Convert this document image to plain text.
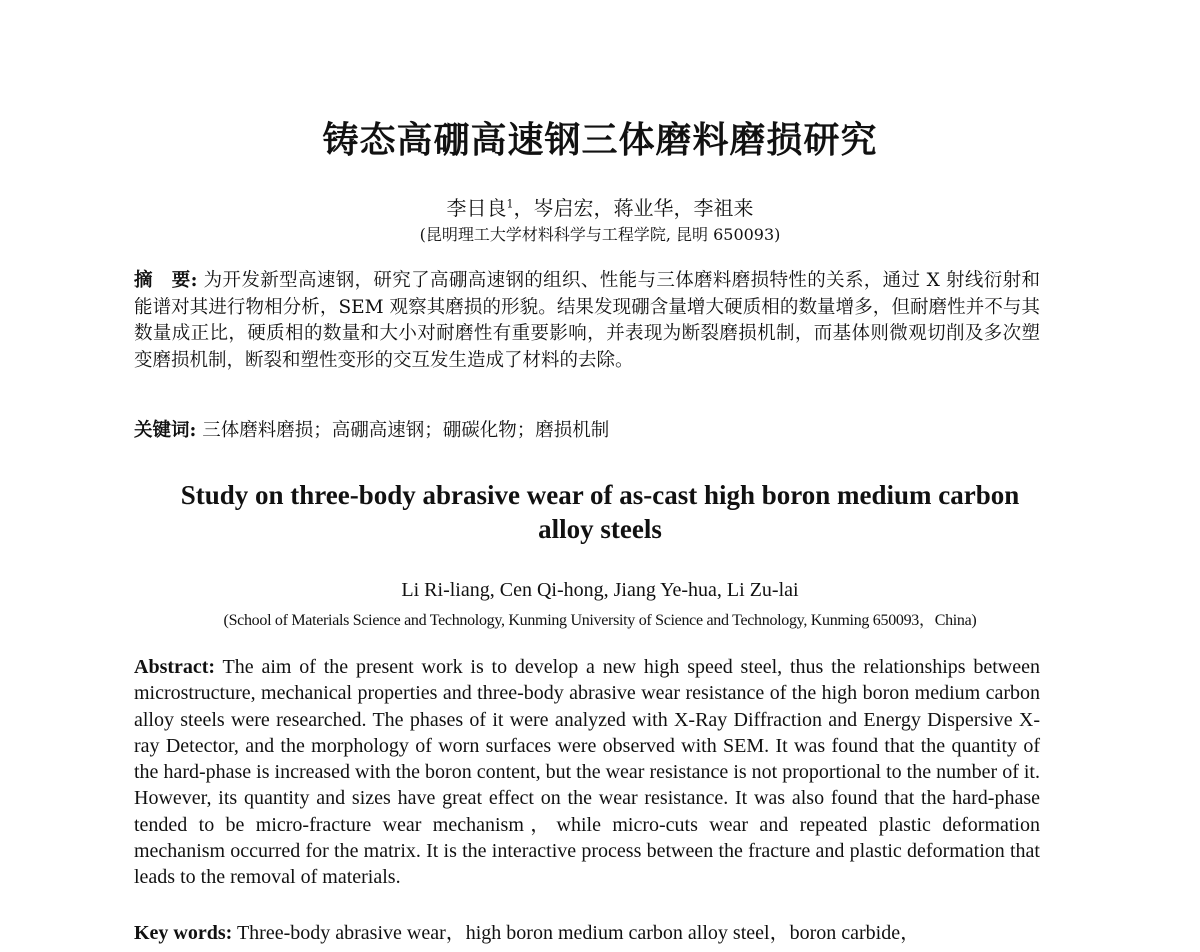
铸态高硼高速钢三体磨料磨损研究
李日良$^1$，岑启宏，蒋业华，李祖来
(昆明理工大学材料科学与工程学院, 昆明 650093)
摘　要: 为开发新型高速钢，研究了高硼高速钢的组织、性能与三体磨料磨损特性的关系，通过 X 射线衍射和能谱对其进行物相分析，SEM 观察其磨损的形貌。结果发现硼含量增大硬质相的数量增多，但耐磨性并不与其数量成正比，硬质相的数量和大小对耐磨性有重要影响，并表现为断裂磨损机制，而基体则微观切削及多次塑变磨损机制，断裂和塑性变形的交互发生造成了材料的去除。
关键词: 三体磨料磨损；高硼高速钢；硼碳化物；磨损机制
Study on three-body abrasive wear of as-cast high boron medium carbon alloy steels
Li Ri-liang, Cen Qi-hong, Jiang Ye-hua, Li Zu-lai
(School of Materials Science and Technology, Kunming University of Science and Technology, Kunming 650093，China)
Abstract: The aim of the present work is to develop a new high speed steel, thus the relationships between microstructure, mechanical properties and three-body abrasive wear resistance of the high boron medium carbon alloy steels were researched. The phases of it were analyzed with X-Ray Diffraction and Energy Dispersive X-ray Detector, and the morphology of worn surfaces were observed with SEM. It was found that the quantity of the hard-phase is increased with the boron content, but the wear resistance is not proportional to the number of it. However, its quantity and sizes have great effect on the wear resistance. It was also found that the hard-phase tended to be micro-fracture wear mechanism，while micro-cuts wear and repeated plastic deformation mechanism occurred for the matrix. It is the interactive process between the fracture and plastic deformation that leads to the removal of materials.
Key words: Three-body abrasive wear，high boron medium carbon alloy steel，boron carbide，
